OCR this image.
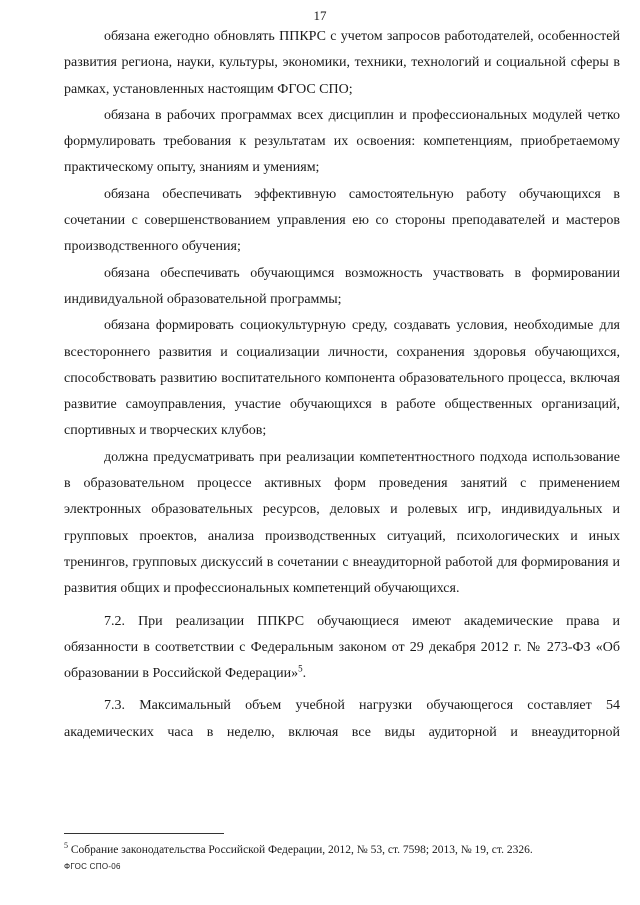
17

обязана ежегодно обновлять ППКРС с учетом запросов работодателей, особенностей развития региона, науки, культуры, экономики, техники, технологий и социальной сферы в рамках, установленных настоящим ФГОС СПО;

обязана в рабочих программах всех дисциплин и профессиональных модулей четко формулировать требования к результатам их освоения: компетенциям, приобретаемому практическому опыту, знаниям и умениям;

обязана обеспечивать эффективную самостоятельную работу обучающихся в сочетании с совершенствованием управления ею со стороны преподавателей и мастеров производственного обучения;

обязана обеспечивать обучающимся возможность участвовать в формировании индивидуальной образовательной программы;

обязана формировать социокультурную среду, создавать условия, необходимые для всестороннего развития и социализации личности, сохранения здоровья обучающихся, способствовать развитию воспитательного компонента образовательного процесса, включая развитие самоуправления, участие обучающихся в работе общественных организаций, спортивных и творческих клубов;

должна предусматривать при реализации компетентностного подхода использование в образовательном процессе активных форм проведения занятий с применением электронных образовательных ресурсов, деловых и ролевых игр, индивидуальных и групповых проектов, анализа производственных ситуаций, психологических и иных тренингов, групповых дискуссий в сочетании с внеаудиторной работой для формирования и развития общих и профессиональных компетенций обучающихся.

7.2. При реализации ППКРС обучающиеся имеют академические права и обязанности в соответствии с Федеральным законом от 29 декабря 2012 г. № 273-ФЗ «Об образовании в Российской Федерации»$^5$.

7.3. Максимальный объем учебной нагрузки обучающегося составляет 54 академических часа в неделю, включая все виды аудиторной и внеаудиторной

$^5$ Собрание законодательства Российской Федерации, 2012, № 53, ст. 7598; 2013, № 19, ст. 2326.
ФГОС СПО-06
